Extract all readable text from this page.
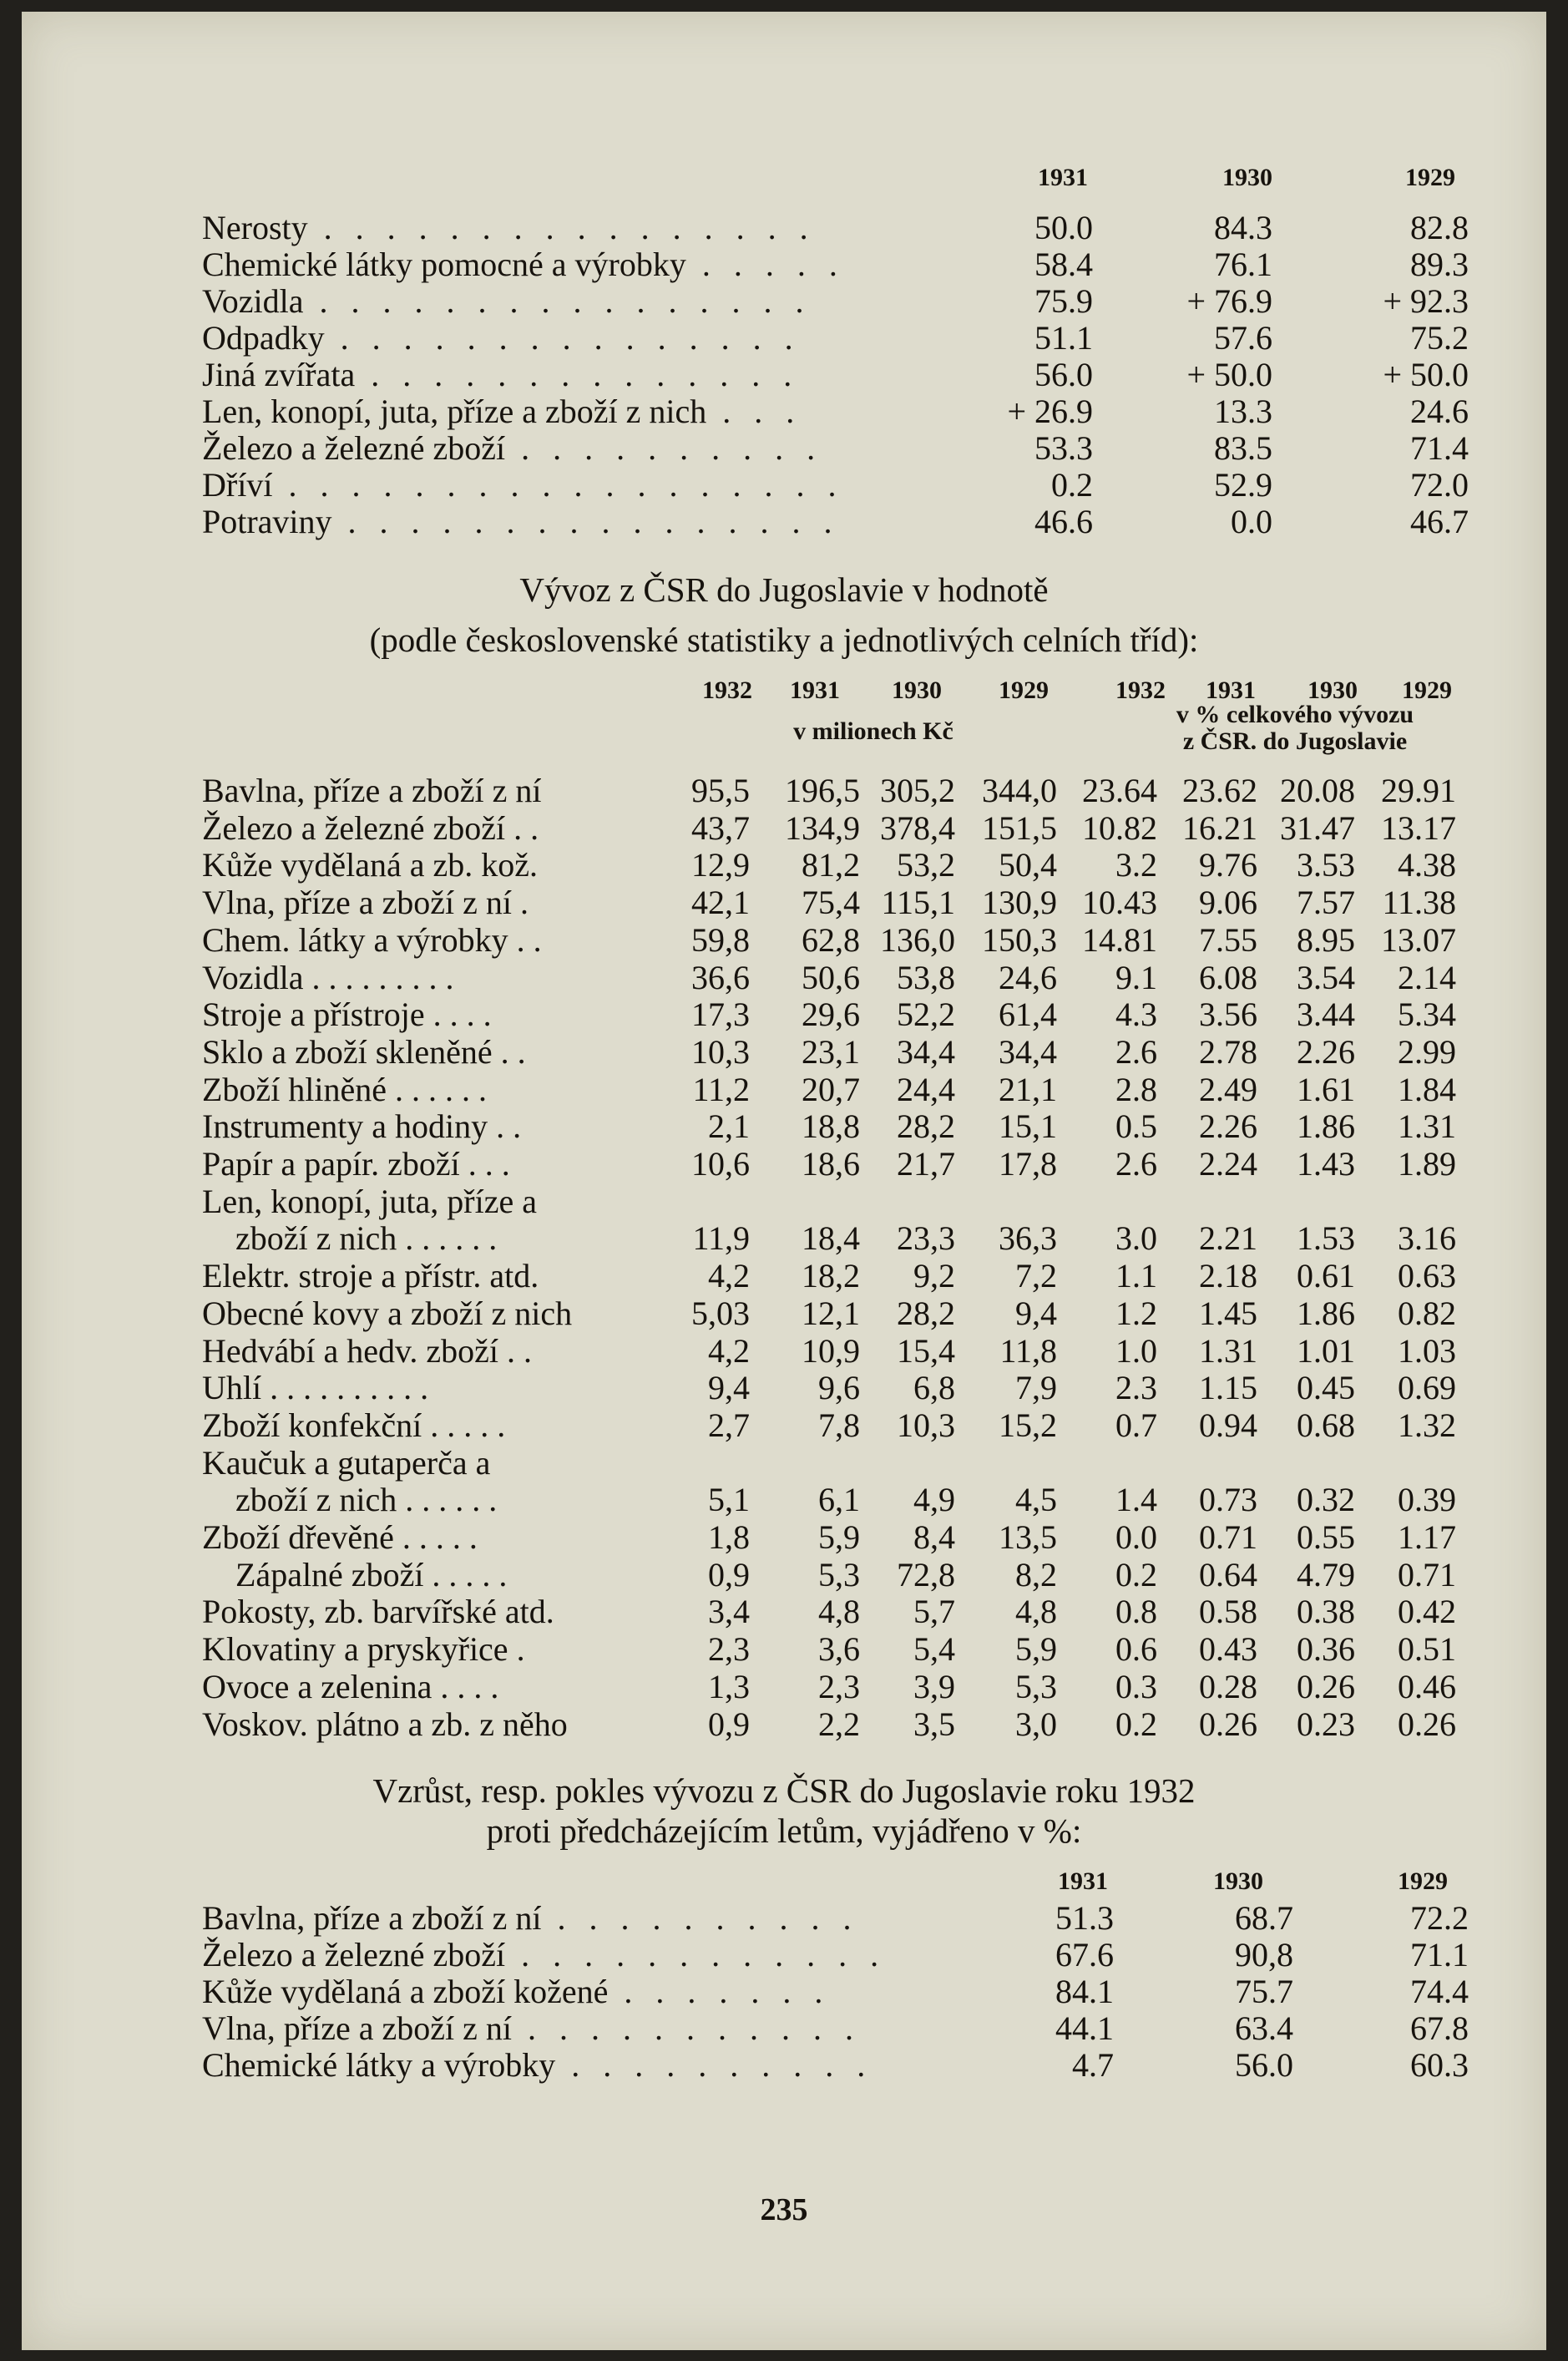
1931	1930	1929
Nerosty . . . . . . . . . . . . . . . .	50.0	84.3	82.8
Chemické látky pomocné a výrobky . . . . .	58.4	76.1	89.3
Vozidla . . . . . . . . . . . . . . . .	75.9	+ 76.9	+ 92.3
Odpadky . . . . . . . . . . . . . . .	51.1	57.6	75.2
Jiná zvířata . . . . . . . . . . . . . .	56.0	+ 50.0	+ 50.0
Len, konopí, juta, příze a zboží z nich . . .	+ 26.9	13.3	24.6
Železo a železné zboží . . . . . . . . . .	53.3	83.5	71.4
Dříví . . . . . . . . . . . . . . . . . .	0.2	52.9	72.0
Potraviny . . . . . . . . . . . . . . . .	46.6	0.0	46.7
Vývoz z ČSR do Jugoslavie v hodnotě
(podle československé statistiky a jednotlivých celních tříd):
1932	1931	1930	1929	1932	1931	1930	1929
v milionech Kč
v % celkového vývozu
z ČSR. do Jugoslavie
Bavlna, příze a zboží z ní	95,5	196,5 305,2 344,0 23.64 23.62 20.08 29.91
Železo a železné zboží . .	43,7	134,9 378,4 151,5 10.82 16.21 31.47 13.17
Kůže vydělaná a zb. kož.	12,9	81,2	53,2	50,4	3.2	9.76	3.53	4.38
Vlna, příze a zboží z ní .	42,1	75,4 115,1 130,9 10.43	9.06	7.57 11.38
Chem. látky a výrobky . .	59,8	62,8 136,0 150,3 14.81	7.55	8.95 13.07
Vozidla . . . . . . . . .	36,6	50,6	53,8	24,6	9.1	6.08	3.54	2.14
Stroje a přístroje . . . .	17,3	29,6	52,2	61,4	4.3	3.56	3.44	5.34
Sklo a zboží skleněné . .	10,3	23,1	34,4	34,4	2.6	2.78	2.26	2.99
Zboží hliněné . . . . . .	11,2	20,7	24,4	21,1	2.8	2.49	1.61	1.84
Instrumenty a hodiny . .	2,1	18,8	28,2	15,1	0.5	2.26	1.86	1.31
Papír a papír. zboží . . .	10,6	18,6	21,7	17,8	2.6	2.24	1.43	1.89
Len, konopí, juta, příze a
zboží z nich . . . . . .	11,9	18,4	23,3	36,3	3.0	2.21	1.53	3.16
Elektr. stroje a přístr. atd.	4,2	18,2	9,2	7,2	1.1	2.18	0.61	0.63
Obecné kovy a zboží z nich	5,03	12,1	28,2	9,4	1.2	1.45	1.86	0.82
Hedvábí a hedv. zboží . .	4,2	10,9	15,4	11,8	1.0	1.31	1.01	1.03
Uhlí . . . . . . . . . .	9,4	9,6	6,8	7,9	2.3	1.15	0.45	0.69
Zboží konfekční . . . . .	2,7	7,8	10,3	15,2	0.7	0.94	0.68	1.32
Kaučuk a gutaperča a
zboží z nich . . . . . .	5,1	6,1	4,9	4,5	1.4	0.73	0.32	0.39
Zboží dřevěné . . . . .	1,8	5,9	8,4	13,5	0.0	0.71	0.55	1.17
Zápalné zboží . . . . .	0,9	5,3	72,8	8,2	0.2	0.64	4.79	0.71
Pokosty, zb. barvířské atd.	3,4	4,8	5,7	4,8	0.8	0.58	0.38	0.42
Klovatiny a pryskyřice .	2,3	3,6	5,4	5,9	0.6	0.43	0.36	0.51
Ovoce a zelenina . . . .	1,3	2,3	3,9	5,3	0.3	0.28	0.26	0.46
Voskov. plátno a zb. z něho	0,9	2,2	3,5	3,0	0.2	0.26	0.23	0.26
Vzrůst, resp. pokles vývozu z ČSR do Jugoslavie roku 1932
proti předcházejícím letům, vyjádřeno v %:
1931	1930	1929
Bavlna, příze a zboží z ní . . . . . . . . . .	51.3	68.7	72.2
Železo a železné zboží . . . . . . . . . . . .	67.6	90,8	71.1
Kůže vydělaná a zboží kožené . . . . . . .	84.1	75.7	74.4
Vlna, příze a zboží z ní . . . . . . . . . . .	44.1	63.4	67.8
Chemické látky a výrobky . . . . . . . . . .	4.7	56.0	60.3
235
